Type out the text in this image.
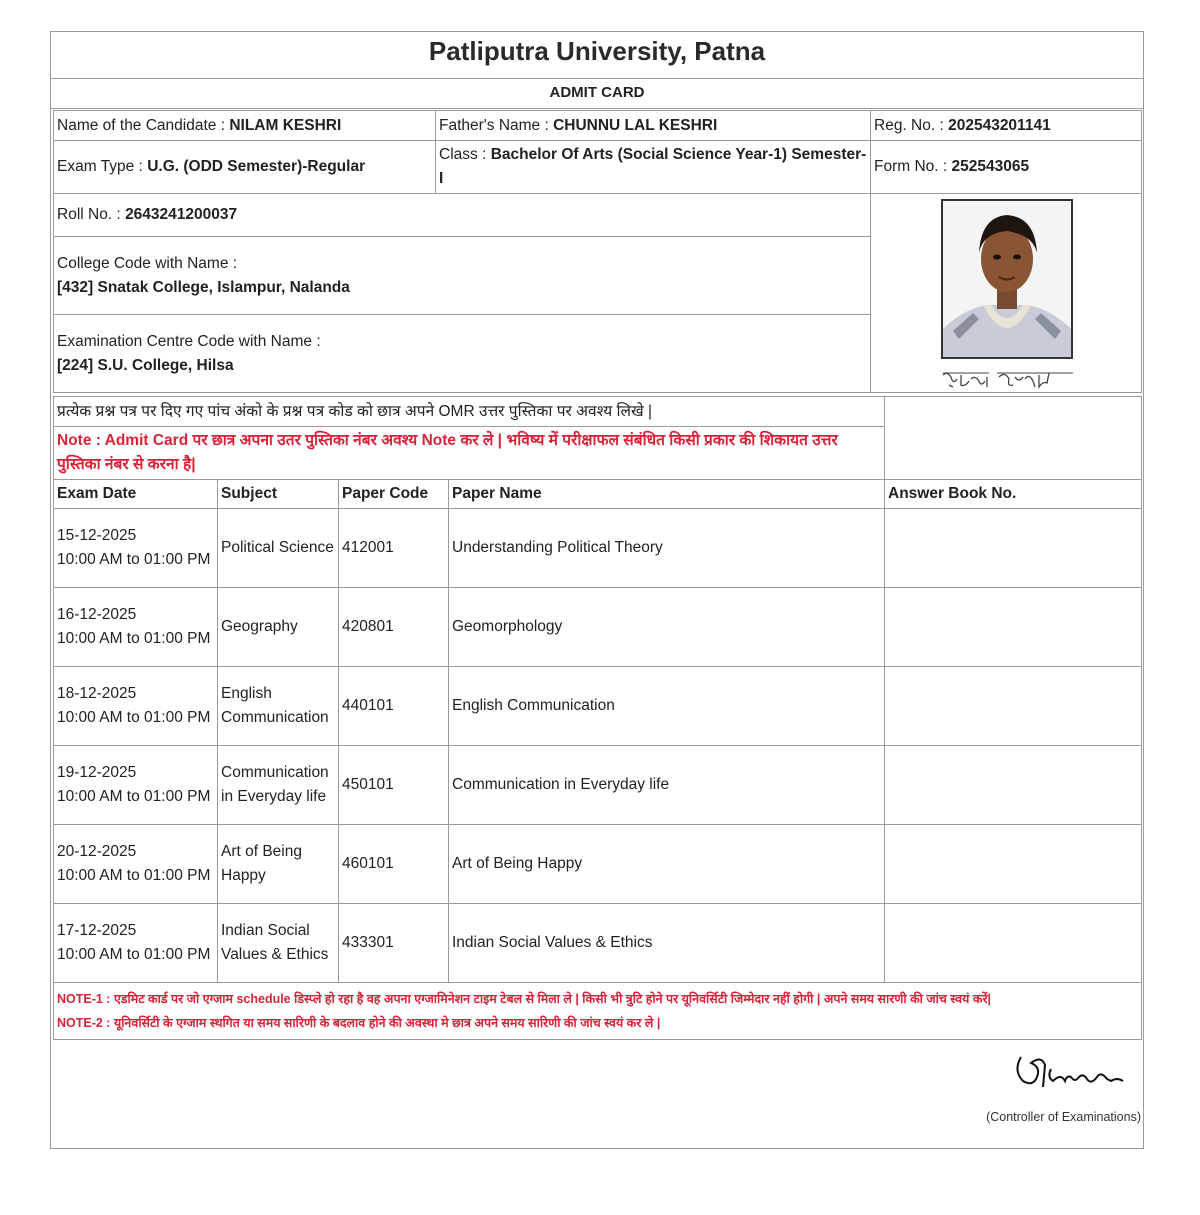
Patliputra University, Patna
ADMIT CARD
Name of the Candidate : NILAM KESHRI	Father's Name : CHUNNU LAL KESHRI	Reg. No. : 202543201141
Exam Type : U.G. (ODD Semester)-Regular	Class : Bachelor Of Arts (Social Science Year-1) Semester-I	Form No. : 252543065
Roll No. : 2643241200037		

College Code with Name :
[432] Snatak College, Islampur, Nalanda		

Examination Centre Code with Name :
[224] S.U. College, Hilsa		
प्रत्येक प्रश्न पत्र पर दिए गए पांच अंको के प्रश्न पत्र कोड को छात्र अपने OMR उत्तर पुस्तिका पर अवश्य लिखे |				
Note : Admit Card पर छात्र अपना उतर पुस्तिका नंबर अवश्य Note कर ले | भविष्य में परीक्षाफल संबंधित किसी प्रकार की शिकायत उत्तर पुस्तिका नंबर से करना है|				
Exam Date	Subject	Paper Code	Paper Name	Answer Book No.

15-12-2025
10:00 AM to 01:00 PM	Political Science	412001	Understanding Political Theory	

16-12-2025
10:00 AM to 01:00 PM	Geography	420801	Geomorphology	

18-12-2025
10:00 AM to 01:00 PM	English Communication	440101	English Communication	

19-12-2025
10:00 AM to 01:00 PM	Communication in Everyday life	450101	Communication in Everyday life	

20-12-2025
10:00 AM to 01:00 PM	Art of Being Happy	460101	Art of Being Happy	

17-12-2025
10:00 AM to 01:00 PM	Indian Social Values & Ethics	433301	Indian Social Values & Ethics	

NOTE-1 : एडमिट कार्ड पर जो एग्जाम schedule डिस्प्ले हो रहा है वह अपना एग्जामिनेशन टाइम टेबल से मिला ले | किसी भी त्रुटि होने पर यूनिवर्सिटी जिम्मेदार नहीं होगी | अपने समय सारणी की जांच स्वयं करें|
NOTE-2 : यूनिवर्सिटी के एग्जाम स्थगित या समय सारिणी के बदलाव होने की अवस्था मे छात्र अपने समय सारिणी की जांच स्वयं कर ले |				
(Controller of Examinations)
